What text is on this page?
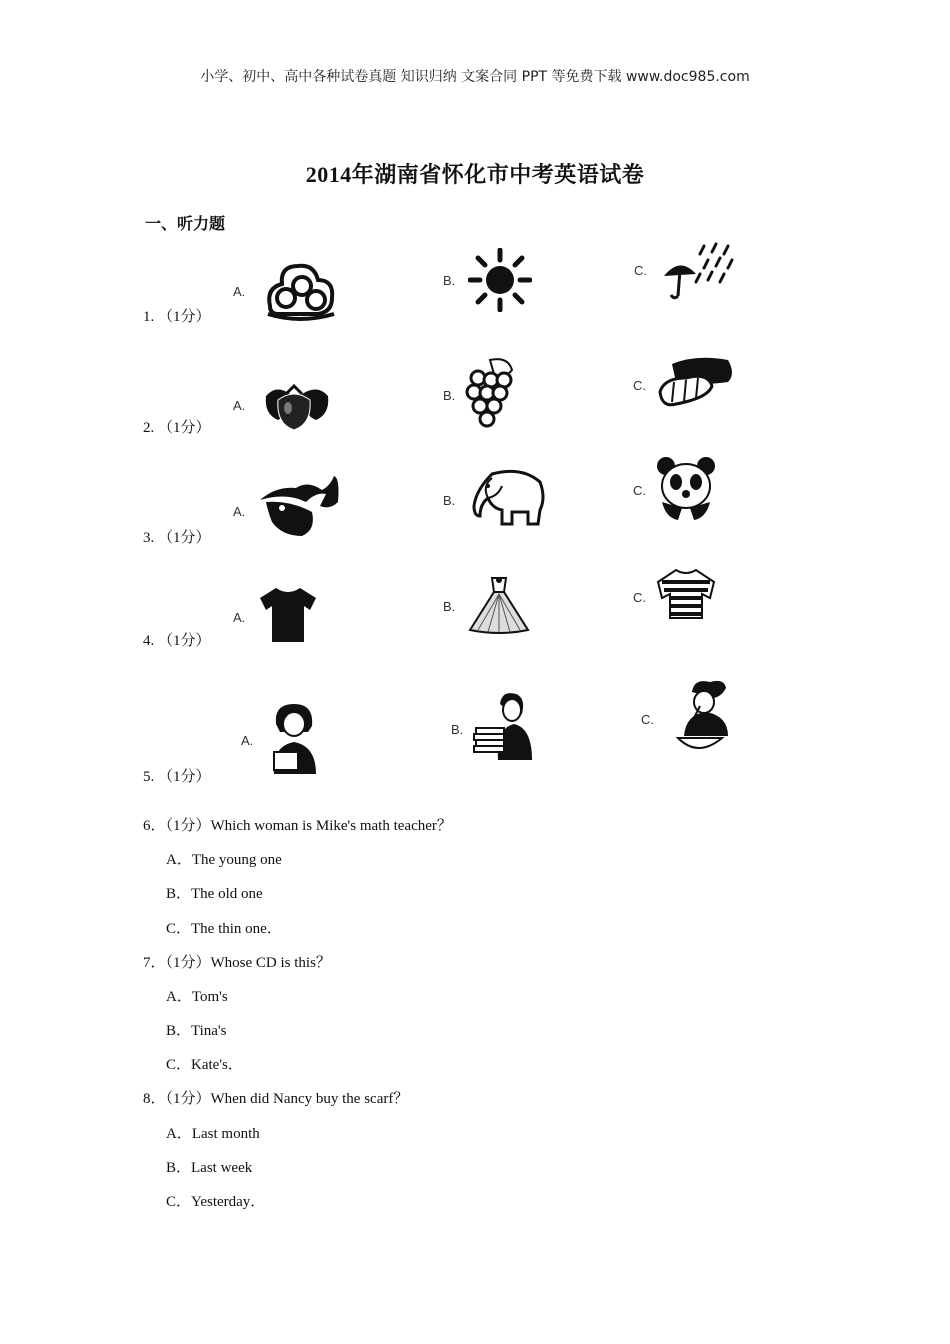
小学、初中、高中各种试卷真题 知识归纳 文案合同 PPT 等免费下载 www.doc985.com
2014年湖南省怀化市中考英语试卷
一、听力题
1. （1分）
A.
B.
C.
2. （1分）
A.
B.
C.
3. （1分）
A.
B.
C.
4. （1分）
A.
B.
C.
5. （1分）
A.
B.
C.
6．（1分）Which woman is Mike's math teacher？
A．The young one
B．The old one
C．The thin one．
7．（1分）Whose CD is this？
A．Tom's
B．Tina's
C．Kate's．
8．（1分）When did Nancy buy the scarf？
A．Last month
B．Last week
C．Yesterday．
